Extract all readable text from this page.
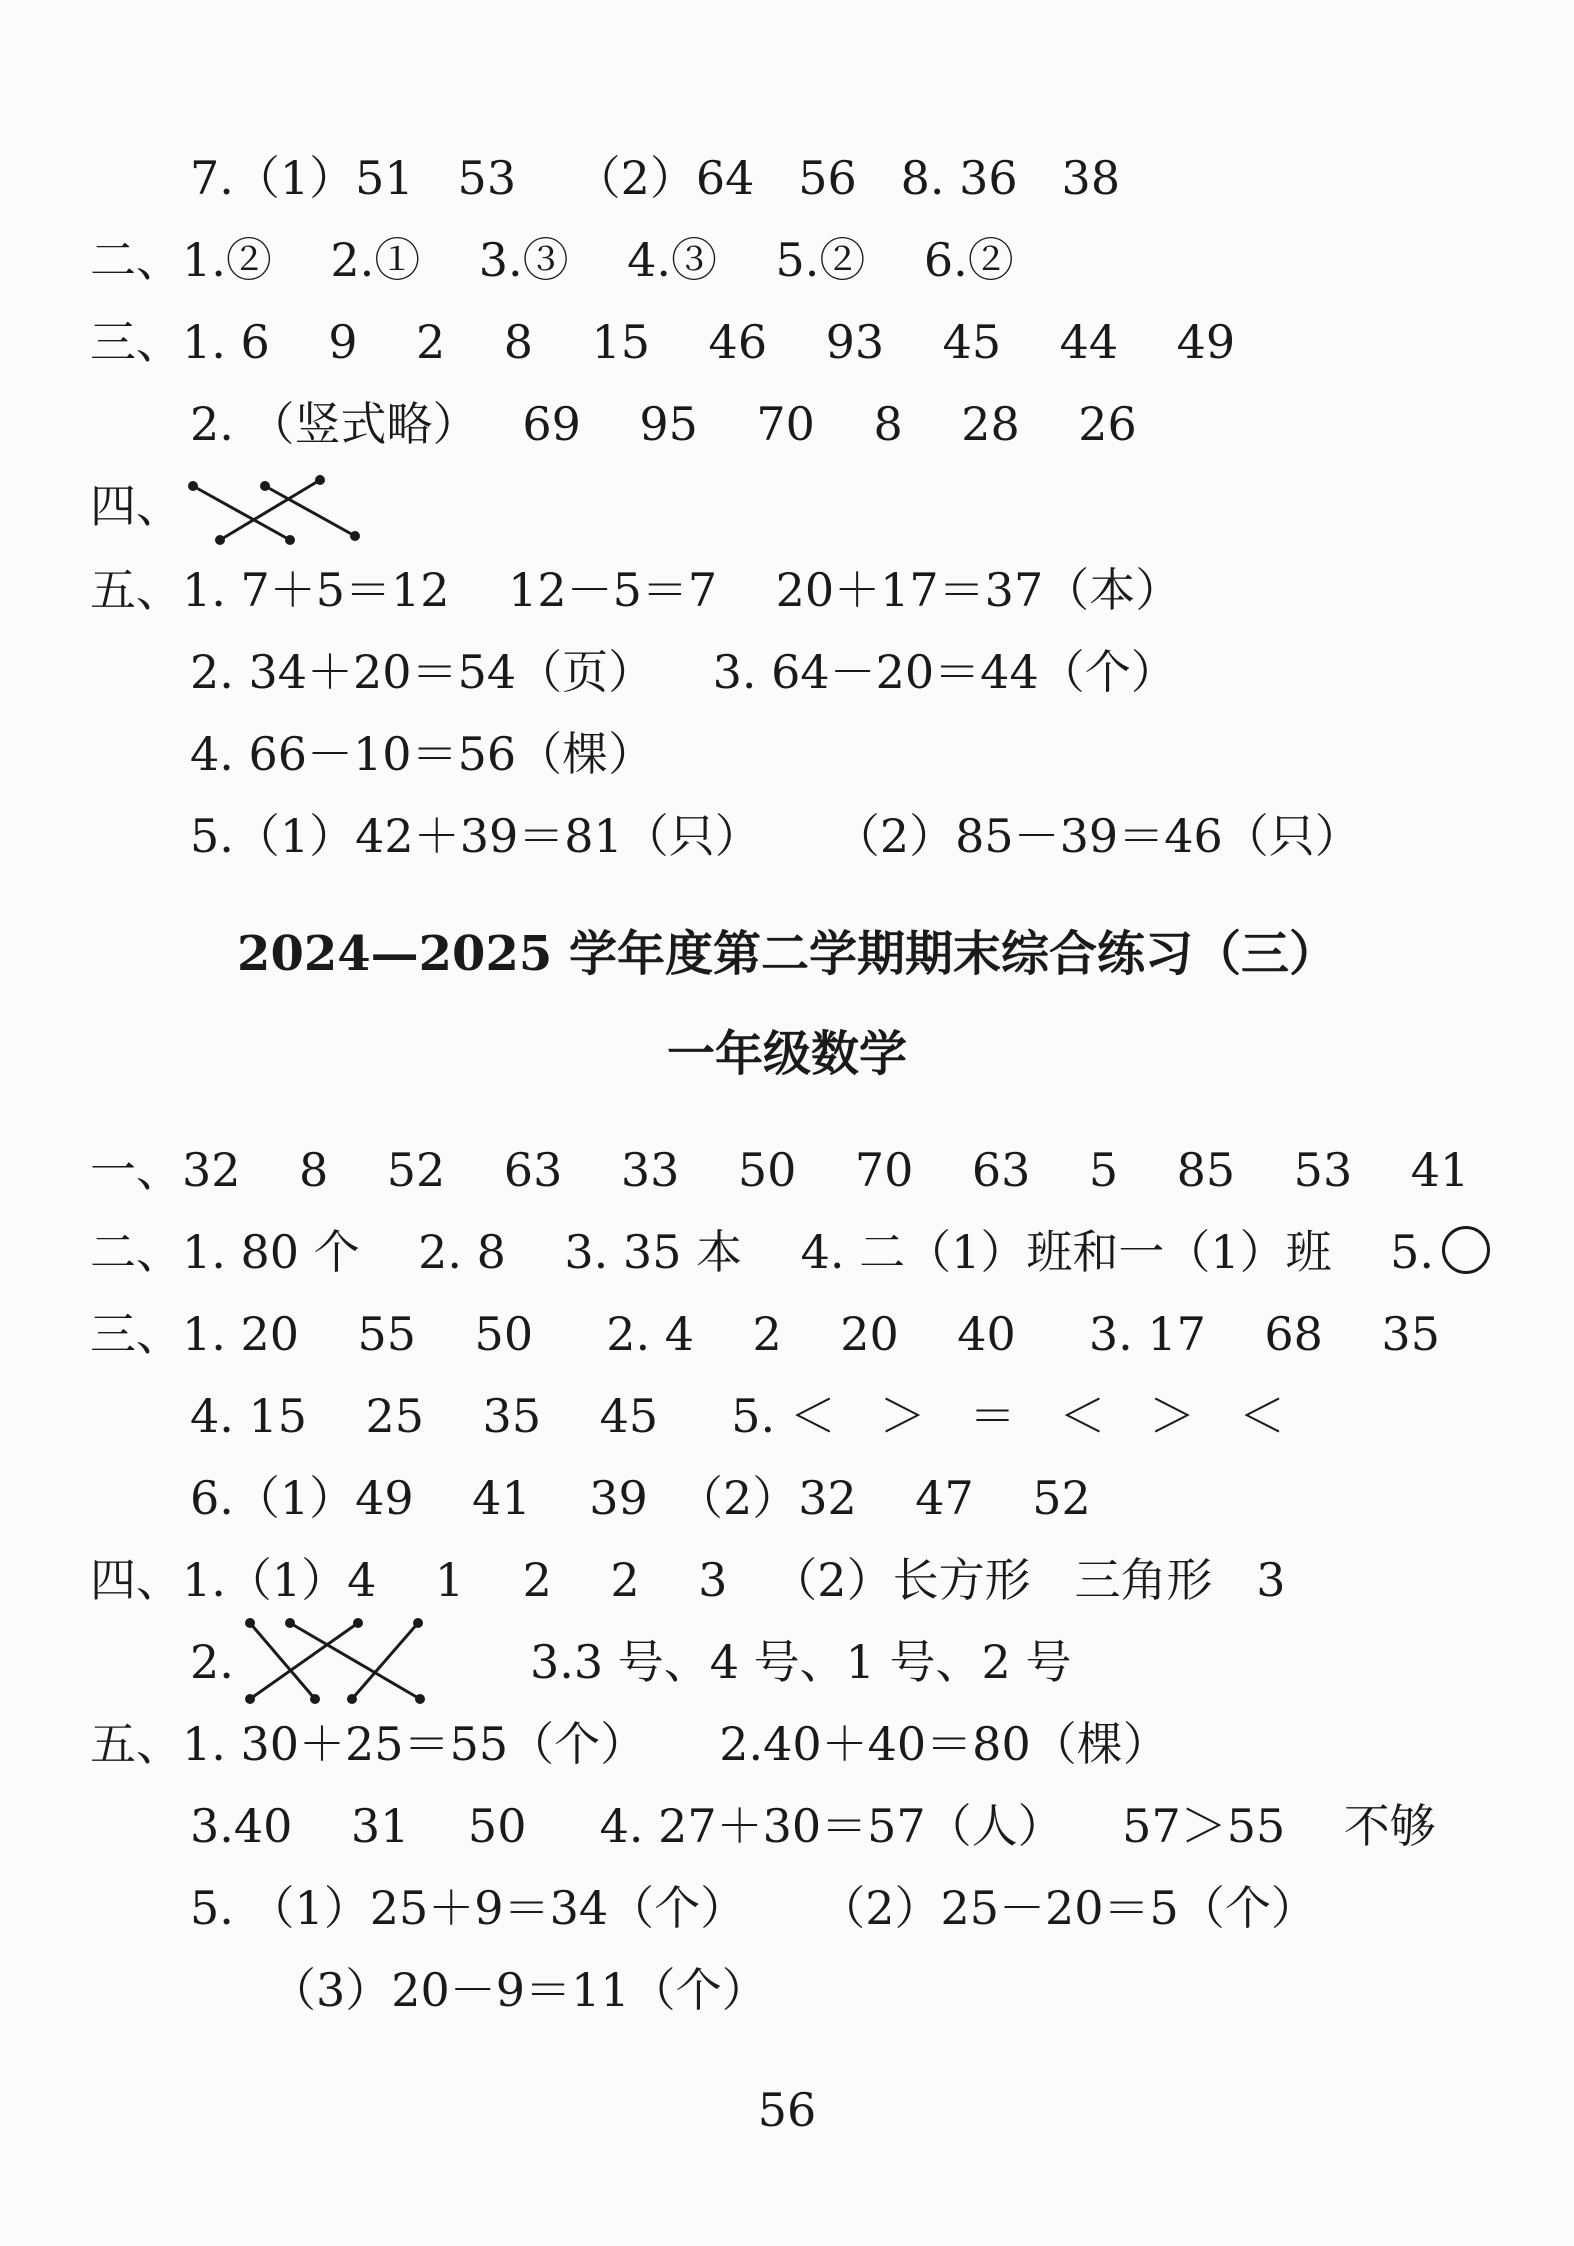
7.（1）51   53    （2）64   56   8. 36   38
二、1.②    2.①    3.③    4.③    5.②    6.②
三、1. 6    9    2    8    15    46    93    45    44    49
2. （竖式略）   69    95    70    8    28    26
四、
五、1. 7＋5＝12    12－5＝7    20＋17＝37（本）
2. 34＋20＝54（页）    3. 64－20＝44（个）
4. 66－10＝56（棵）
5.（1）42＋39＝81（只）     （2）85－39＝46（只）
2024—2025 学年度第二学期期末综合练习（三）
一年级数学
一、32    8    52    63    33    50    70    63    5    85    53    41
二、1. 80 个    2. 8    3. 35 本    4. 二（1）班和一（1）班    5.
三、1. 20    55    50     2. 4    2    20    40     3. 17    68    35
4. 15    25    35    45     5. ＜   ＞   ＝   ＜   ＞   ＜
6.（1）49    41    39  （2）32    47    52
四、1.（1）4    1    2    2    3   （2）长方形   三角形   3
2.	3.3 号、4 号、1 号、2 号
五、1. 30＋25＝55（个）     2.40＋40＝80（棵）
3.40    31    50     4. 27＋30＝57（人）    57＞55    不够
5. （1）25＋9＝34（个）     （2）25－20＝5（个）
（3）20－9＝11（个）
56
